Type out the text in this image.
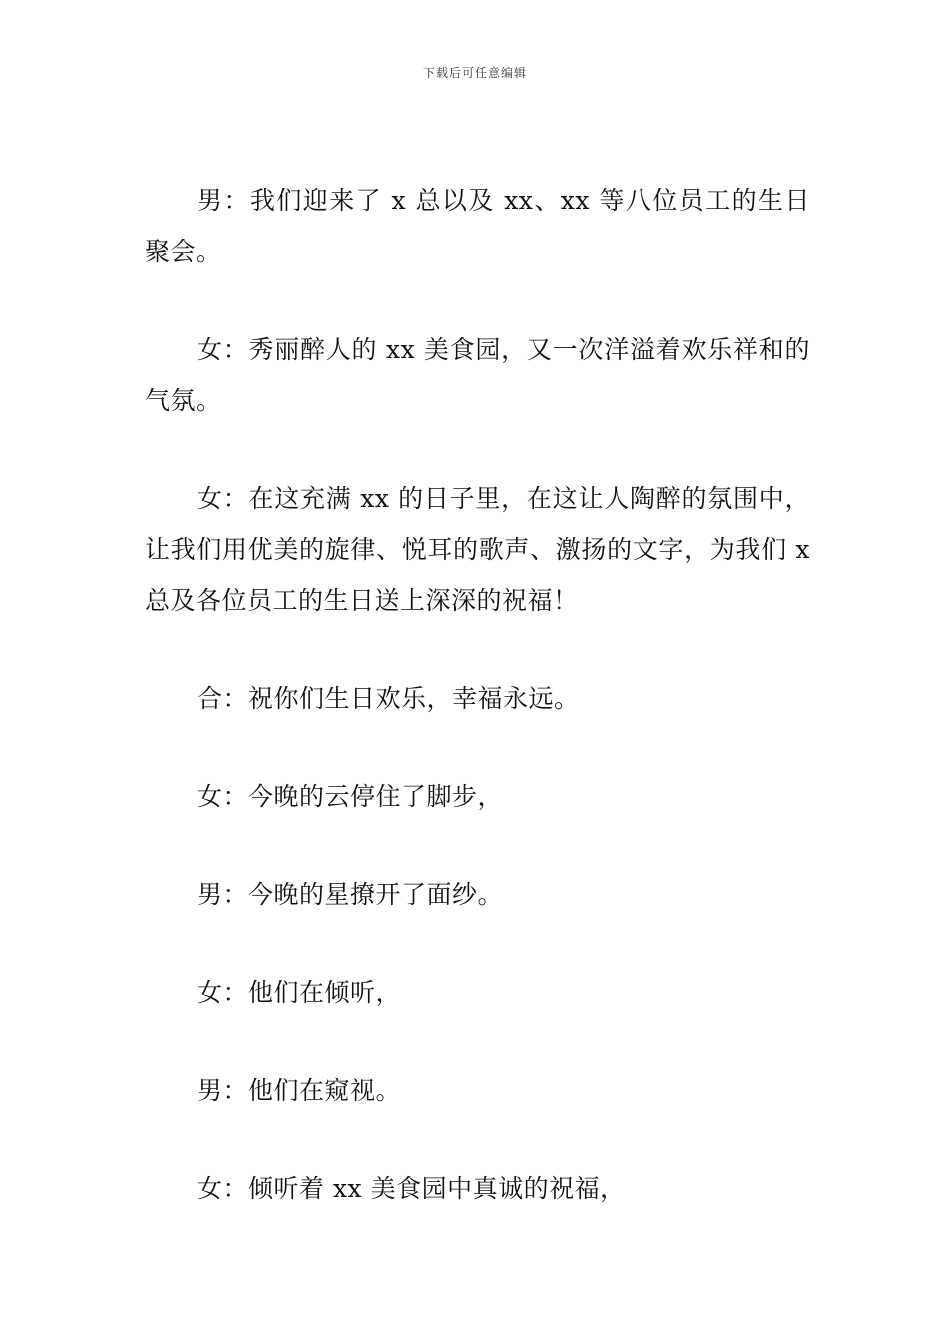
下载后可任意编辑

男：我们迎来了 x 总以及 xx、xx 等八位员工的生日聚会。

女：秀丽醉人的 xx 美食园，又一次洋溢着欢乐祥和的气氛。

女：在这充满 xx 的日子里，在这让人陶醉的氛围中，让我们用优美的旋律、悦耳的歌声、激扬的文字，为我们 x 总及各位员工的生日送上深深的祝福！

合：祝你们生日欢乐，幸福永远。

女：今晚的云停住了脚步，

男：今晚的星撩开了面纱。

女：他们在倾听，

男：他们在窥视。

女：倾听着 xx 美食园中真诚的祝福，
